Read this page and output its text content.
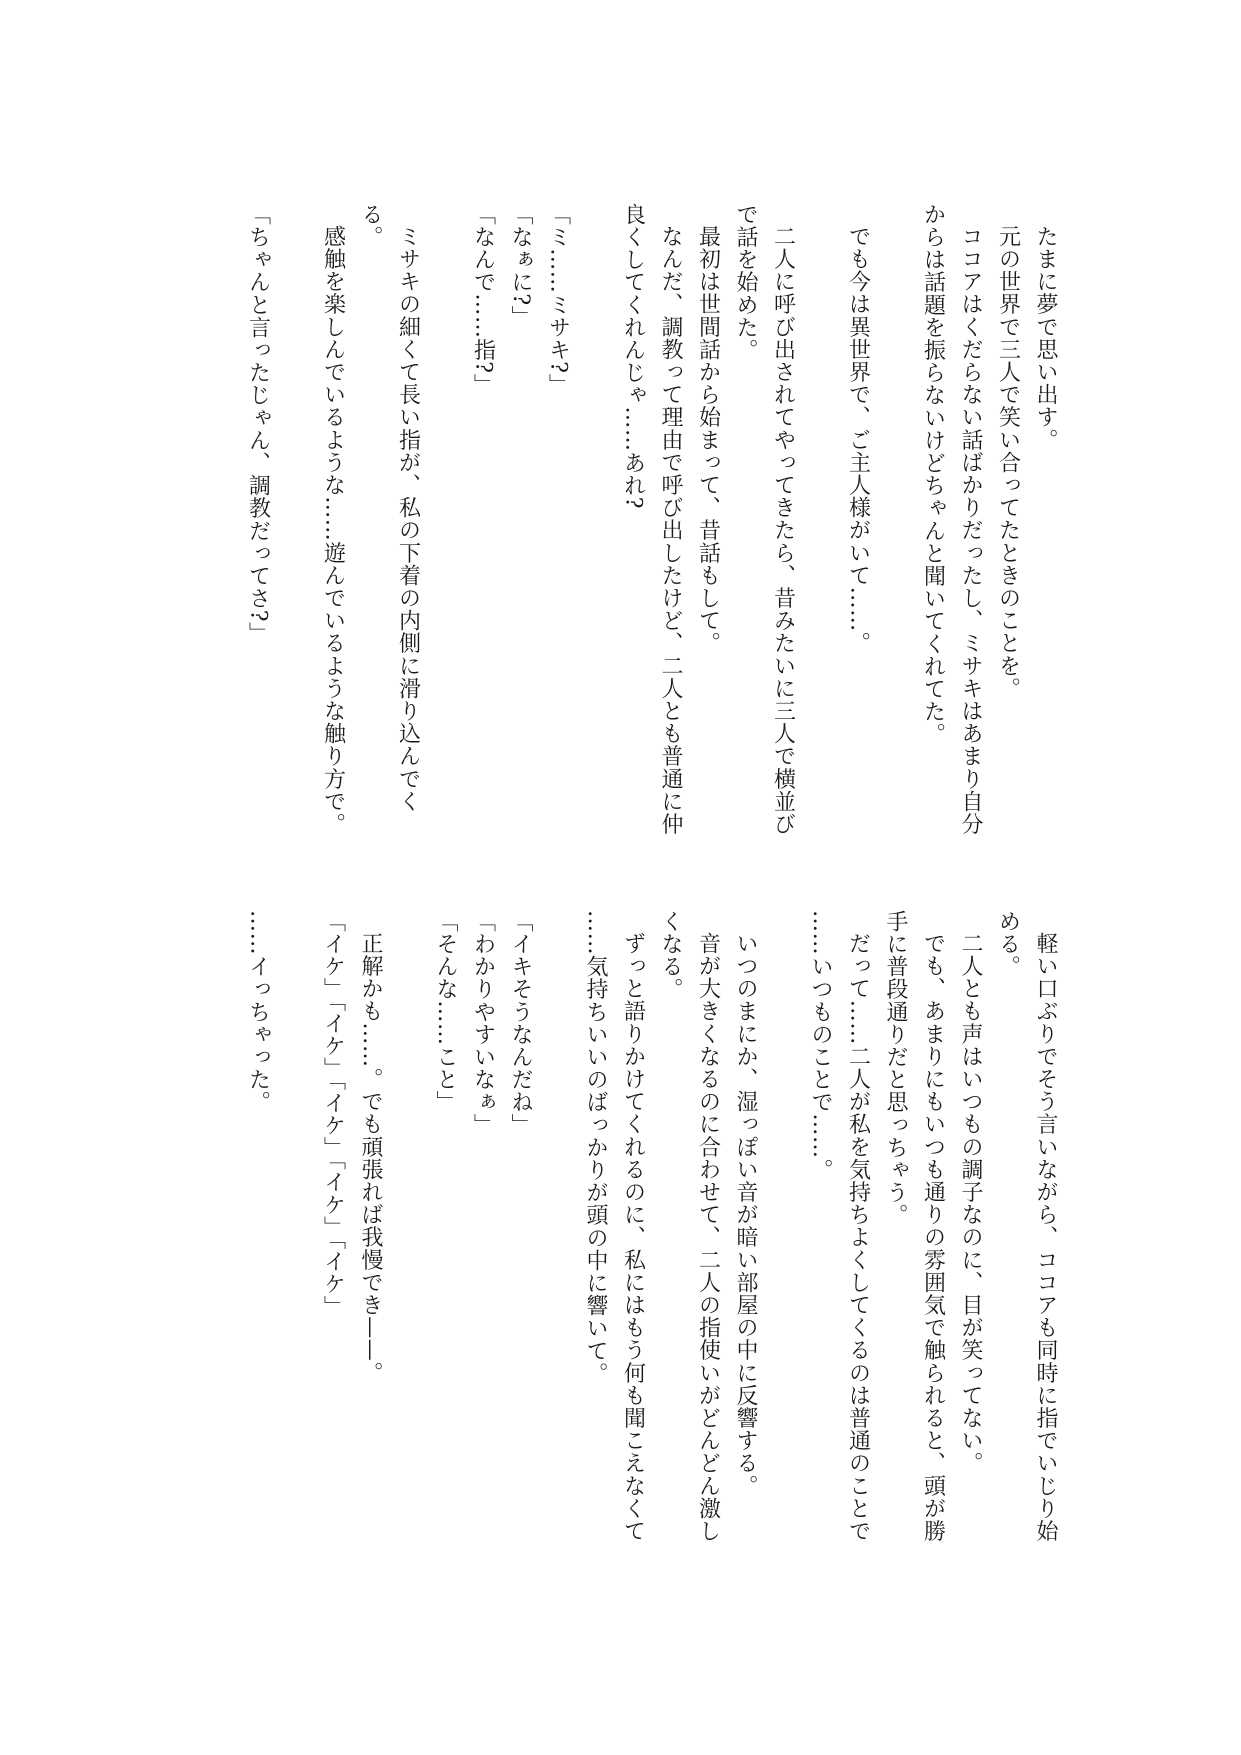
たまに夢で思い出す。
元の世界で三人で笑い合ってたときのことを。
ココアはくだらない話ばかりだったし、ミサキはあまり自分
からは話題を振らないけどちゃんと聞いてくれてた。
でも今は異世界で、ご主人様がいて……。
二人に呼び出されてやってきたら、昔みたいに三人で横並び
で話を始めた。
最初は世間話から始まって、昔話もして。
なんだ、調教って理由で呼び出したけど、二人とも普通に仲
良くしてくれんじゃ……あれ?
「ミ……ミサキ?」
「なぁに?」
「なんで……指?」
ミサキの細くて長い指が、私の下着の内側に滑り込んでく
る。
感触を楽しんでいるような……遊んでいるような触り方で。
「ちゃんと言ったじゃん、調教だってさ?」
軽い口ぶりでそう言いながら、ココアも同時に指でいじり始
める。
二人とも声はいつもの調子なのに、目が笑ってない。
でも、あまりにもいつも通りの雰囲気で触られると、頭が勝
手に普段通りだと思っちゃう。
だって……二人が私を気持ちよくしてくるのは普通のことで
……いつものことで……。
いつのまにか、湿っぽい音が暗い部屋の中に反響する。
音が大きくなるのに合わせて、二人の指使いがどんどん激し
くなる。
ずっと語りかけてくれるのに、私にはもう何も聞こえなくて
……気持ちいいのばっかりが頭の中に響いて。
「イキそうなんだね」
「わかりやすいなぁ」
「そんな……こと」
正解かも……。でも頑張れば我慢でき——。
「イケ」「イケ」「イケ」「イケ」「イケ」
……イっちゃった。
